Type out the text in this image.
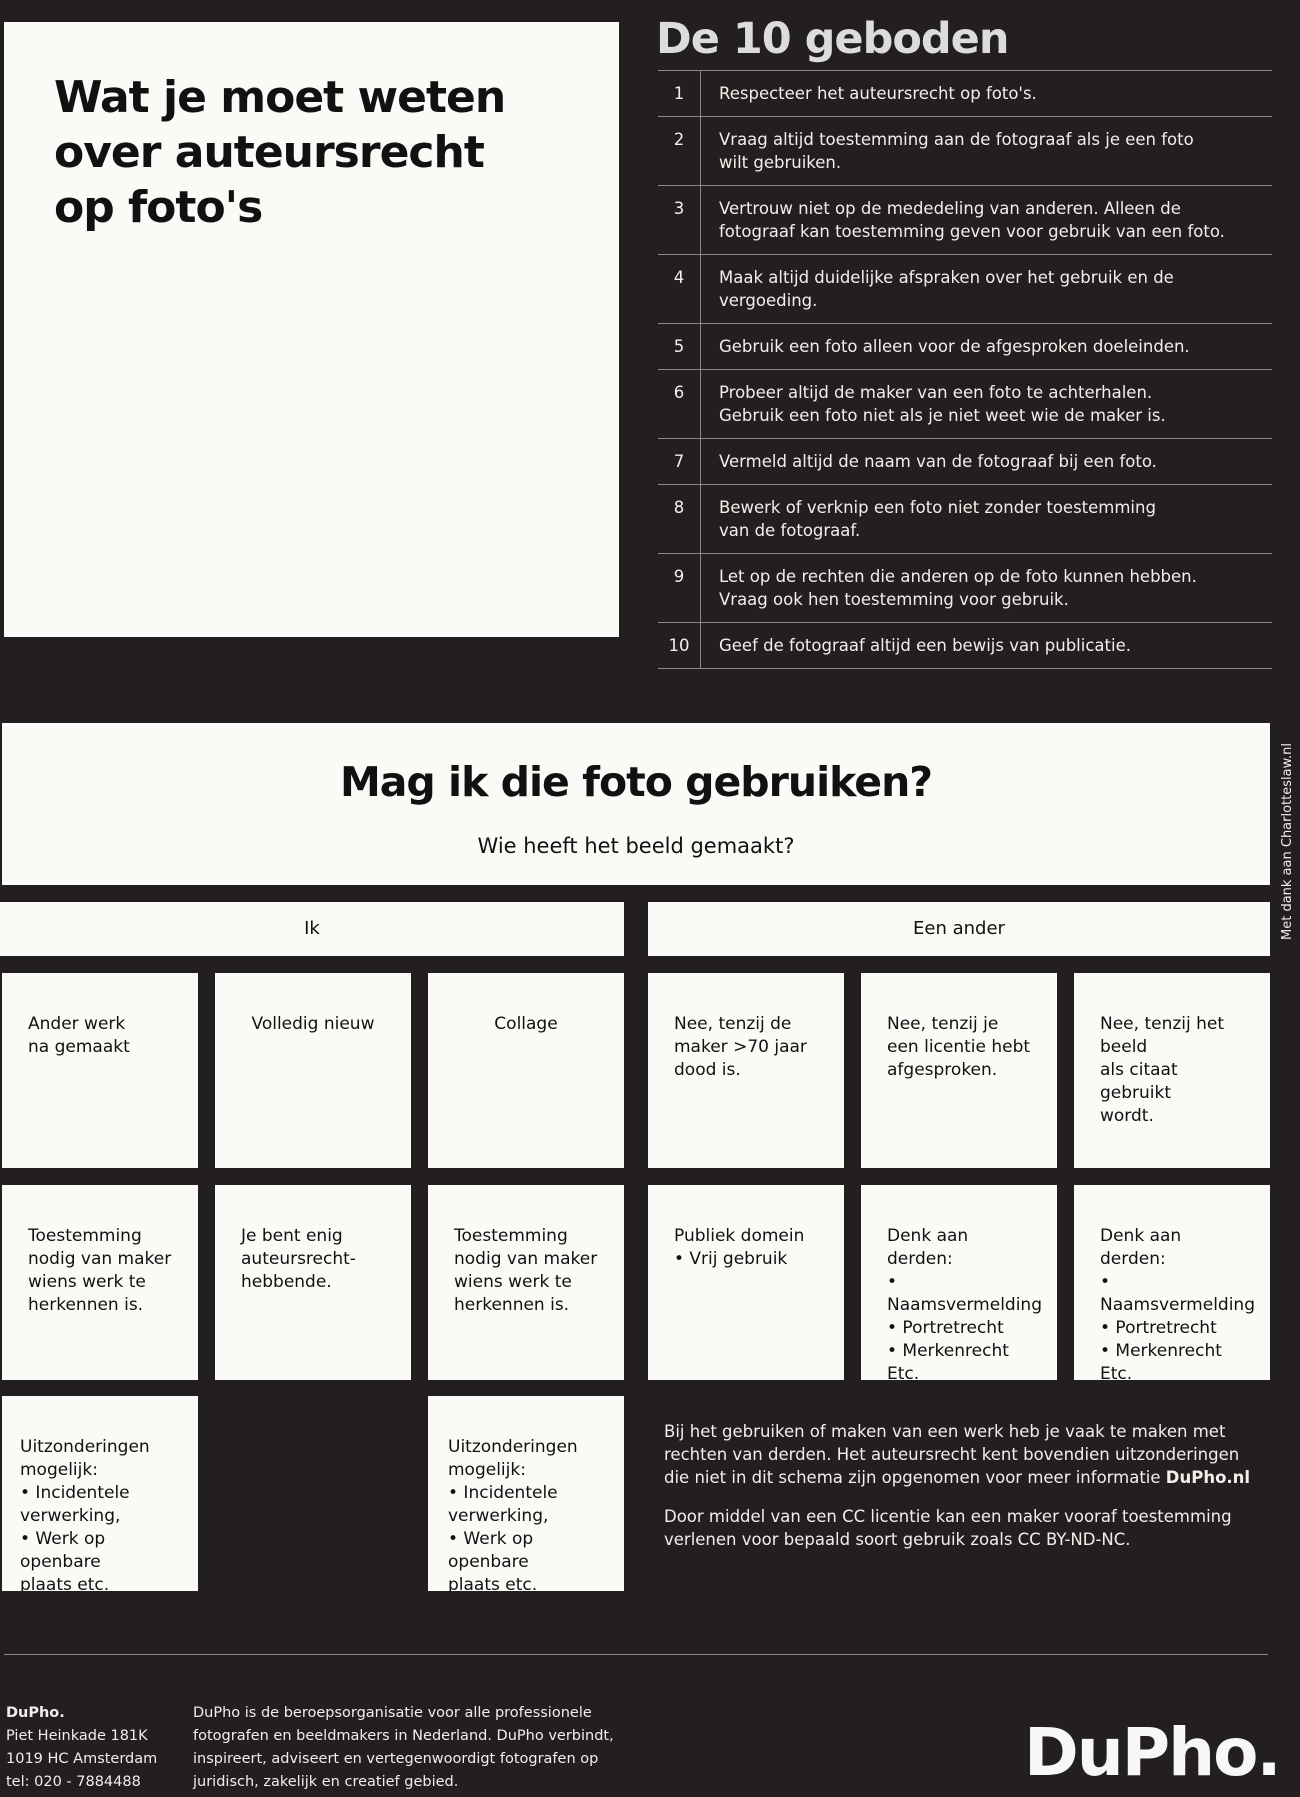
Wat je moet weten
over auteursrecht
op foto's
De 10 geboden
1	Respecteer het auteursrecht op foto's.
2	Vraag altijd toestemming aan de fotograaf als je een foto
wilt gebruiken.
3	Vertrouw niet op de mededeling van anderen. Alleen de
fotograaf kan toestemming geven voor gebruik van een foto.
4	Maak altijd duidelijke afspraken over het gebruik en de vergoeding.
5	Gebruik een foto alleen voor de afgesproken doeleinden.
6	Probeer altijd de maker van een foto te achterhalen.
Gebruik een foto niet als je niet weet wie de maker is.
7	Vermeld altijd de naam van de fotograaf bij een foto.
8	Bewerk of verknip een foto niet zonder toestemming
van de fotograaf.
9	Let op de rechten die anderen op de foto kunnen hebben.
Vraag ook hen toestemming voor gebruik.
10	Geef de fotograaf altijd een bewijs van publicatie.
Mag ik die foto gebruiken?
Wie heeft het beeld gemaakt?
Ik	Een ander
Ander werk
na gemaakt
Volledig nieuw	Collage	Nee, tenzij de
maker >70 jaar
dood is.
Nee, tenzij je
een licentie hebt
afgesproken.
Nee, tenzij het beeld
als citaat gebruikt
wordt.
Toestemming
nodig van maker
wiens werk te
herkennen is.
Je bent enig
auteursrecht-
hebbende.
Toestemming
nodig van maker
wiens werk te
herkennen is.
Publiek domein
• Vrij gebruik
Denk aan derden:
• Naamsvermelding
• Portretrecht
• Merkenrecht
Etc.
Denk aan derden:
• Naamsvermelding
• Portretrecht
• Merkenrecht
Etc.
Uitzonderingen
mogelijk:
• Incidentele
verwerking,
• Werk op openbare
plaats etc.
Uitzonderingen
mogelijk:
• Incidentele
verwerking,
• Werk op openbare
plaats etc.

Bij het gebruiken of maken van een werk heb je vaak te maken met rechten van derden. Het auteursrecht kent bovendien uitzonderingen die niet in dit schema zijn opgenomen voor meer informatie DuPho.nl

Door middel van een CC licentie kan een maker vooraf toestemming verlenen voor bepaald soort gebruik zoals CC BY-ND-NC.

Met dank aan Charlotteslaw.nl
DuPho.
Piet Heinkade 181K
1019 HC Amsterdam
tel: 020 - 7884488
DuPho is de beroepsorganisatie voor alle professionele
fotografen en beeldmakers in Nederland. DuPho verbindt,
inspireert, adviseert en vertegenwoordigt fotografen op
juridisch, zakelijk en creatief gebied.	DuPho.
